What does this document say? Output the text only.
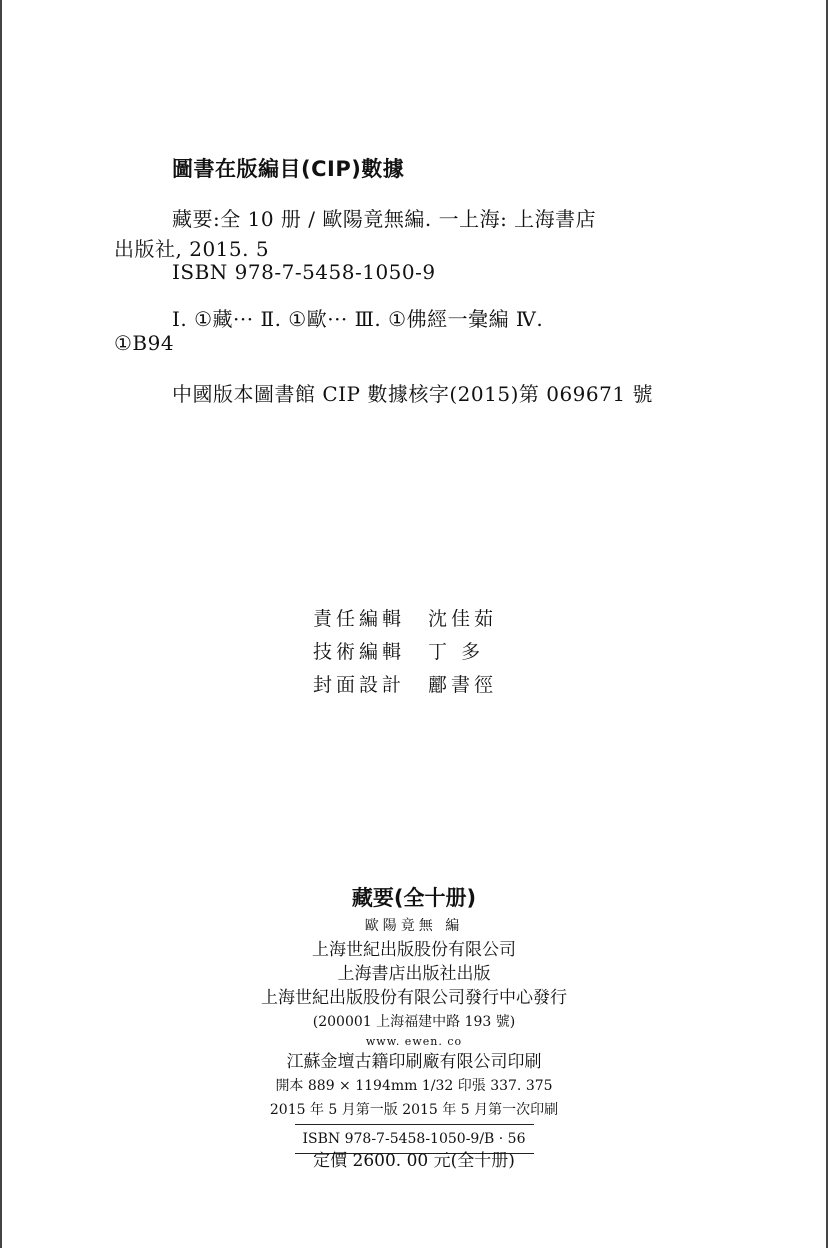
圖書在版編目(CIP)數據
藏要:全 10 册 / 歐陽竟無編. 一上海: 上海書店
出版社, 2015. 5
ISBN 978-7-5458-1050-9
Ⅰ. ①藏··· Ⅱ. ①歐··· Ⅲ. ①佛經一彙編 Ⅳ.
①B94
中國版本圖書館 CIP 數據核字(2015)第 069671 號
責任編輯 沈佳茹
技術編輯 丁 多
封面設計 酈書徑
藏要(全十册)
歐陽竟無 編
上海世紀出版股份有限公司
上海書店出版社出版
上海世紀出版股份有限公司發行中心發行
(200001 上海福建中路 193 號)
www. ewen. co
江蘇金壇古籍印刷廠有限公司印刷
開本 889 × 1194mm 1/32 印張 337. 375
2015 年 5 月第一版 2015 年 5 月第一次印刷
ISBN 978-7-5458-1050-9/B · 56
定價 2600. 00 元(全十册)
